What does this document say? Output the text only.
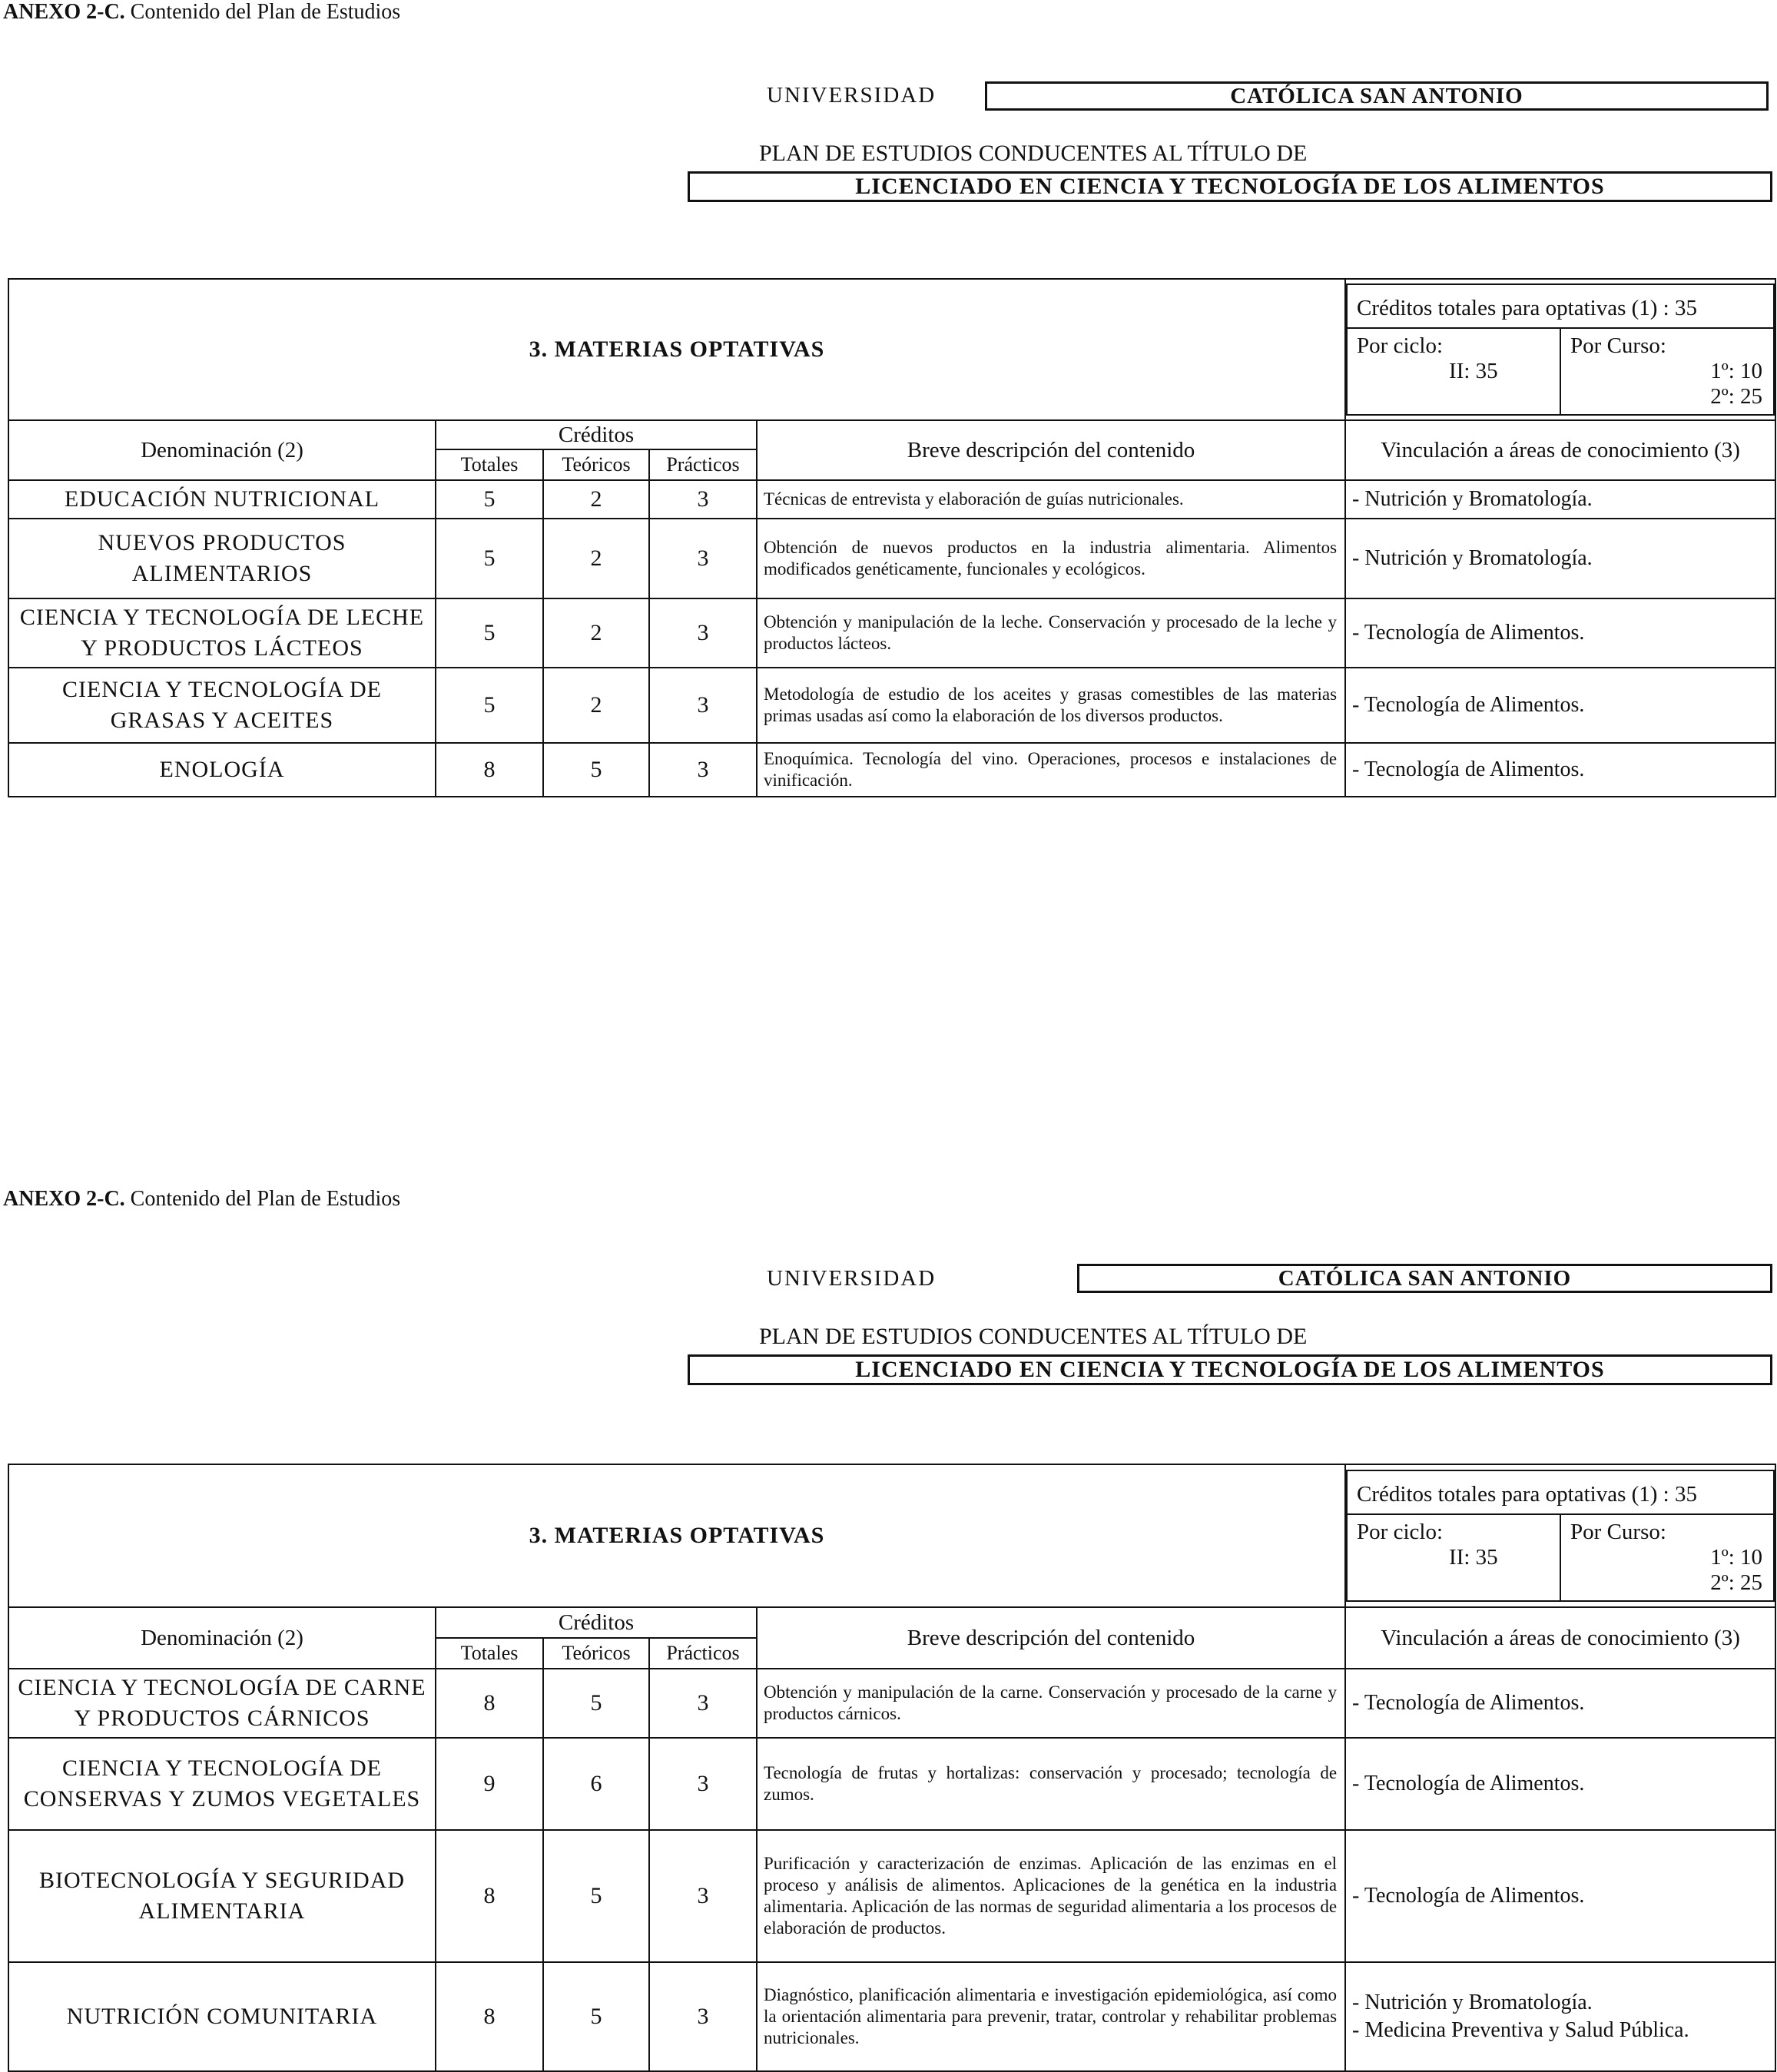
ANEXO 2-C. Contenido del Plan de Estudios
UNIVERSIDAD	CATÓLICA SAN ANTONIO
PLAN DE ESTUDIOS CONDUCENTES AL TÍTULO DE
LICENCIADO EN CIENCIA Y TECNOLOGÍA DE LOS ALIMENTOS
3. MATERIAS OPTATIVAS	
Créditos totales para optativas (1) : 35

Por ciclo:
II: 35

Por Curso:
1º: 10
2º: 25

Denominación (2)	Créditos	Breve descripción del contenido	Vinculación a áreas de conocimiento (3)
Totales	Teóricos	Prácticos
EDUCACIÓN NUTRICIONAL	5	2	3	Técnicas de entrevista y elaboración de guías nutricionales.	- Nutrición y Bromatología.
NUEVOS PRODUCTOS ALIMENTARIOS	5	2	3	Obtención de nuevos productos en la industria alimentaria. Alimentos modificados genéticamente, funcionales y ecológicos.	- Nutrición y Bromatología.
CIENCIA Y TECNOLOGÍA DE LECHE Y PRODUCTOS LÁCTEOS	5	2	3	Obtención y manipulación de la leche. Conservación y procesado de la leche y productos lácteos.	- Tecnología de Alimentos.
CIENCIA Y TECNOLOGÍA DE GRASAS Y ACEITES	5	2	3	Metodología de estudio de los aceites y grasas comestibles de las materias primas usadas así como la elaboración de los diversos productos.	- Tecnología de Alimentos.
ENOLOGÍA	8	5	3	Enoquímica. Tecnología del vino. Operaciones, procesos e instalaciones de vinificación.	- Tecnología de Alimentos.
ANEXO 2-C. Contenido del Plan de Estudios
UNIVERSIDAD	CATÓLICA SAN ANTONIO
PLAN DE ESTUDIOS CONDUCENTES AL TÍTULO DE
LICENCIADO EN CIENCIA Y TECNOLOGÍA DE LOS ALIMENTOS
3. MATERIAS OPTATIVAS	
Créditos totales para optativas (1) : 35

Por ciclo:
II: 35

Por Curso:
1º: 10
2º: 25

Denominación (2)	Créditos	Breve descripción del contenido	Vinculación a áreas de conocimiento (3)
Totales	Teóricos	Prácticos
CIENCIA Y TECNOLOGÍA DE CARNE Y PRODUCTOS CÁRNICOS	8	5	3	Obtención y manipulación de la carne. Conservación y procesado de la carne y productos cárnicos.	- Tecnología de Alimentos.
CIENCIA Y TECNOLOGÍA DE CONSERVAS Y ZUMOS VEGETALES	9	6	3	Tecnología de frutas y hortalizas: conservación y procesado; tecnología de zumos.	- Tecnología de Alimentos.
BIOTECNOLOGÍA Y SEGURIDAD ALIMENTARIA	8	5	3	Purificación y caracterización de enzimas. Aplicación de las enzimas en el proceso y análisis de alimentos. Aplicaciones de la genética en la industria alimentaria. Aplicación de las normas de seguridad alimentaria a los procesos de elaboración de productos.	- Tecnología de Alimentos.
NUTRICIÓN COMUNITARIA	8	5	3	Diagnóstico, planificación alimentaria e investigación epidemiológica, así como la orientación alimentaria para prevenir, tratar, controlar y rehabilitar problemas nutricionales.	- Nutrición y Bromatología.
- Medicina Preventiva y Salud Pública.
